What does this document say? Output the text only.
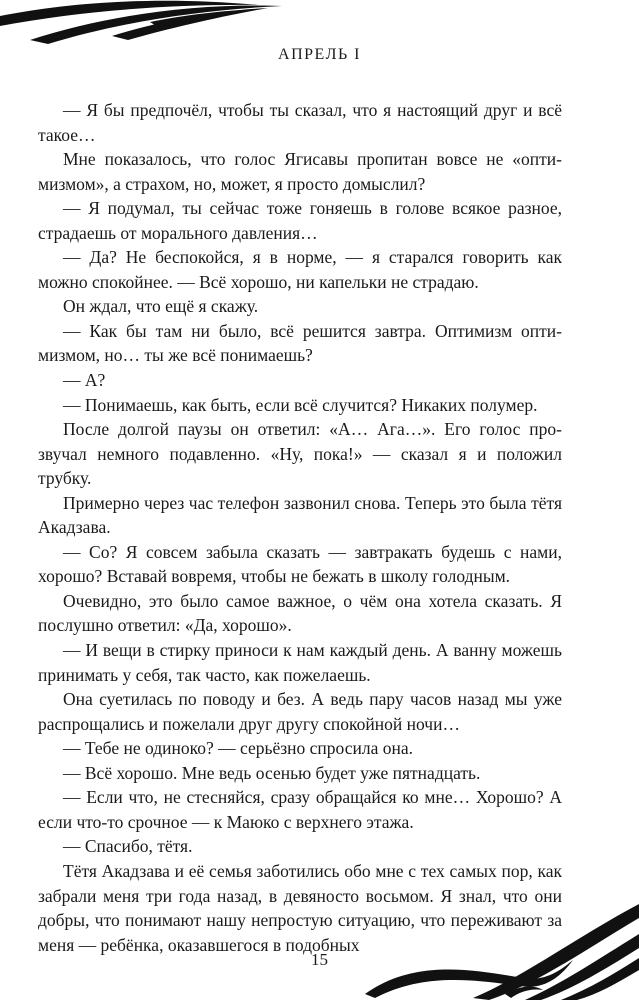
АПРЕЛЬ I

— Я бы предпочёл, чтобы ты сказал, что я настоящий друг и всё такое…

Мне показалось, что голос Ягисавы пропитан вовсе не «оптимизмом», а страхом, но, может, я просто домыслил?

— Я подумал, ты сейчас тоже гоняешь в голове всякое разное, страдаешь от морального давления…

— Да? Не беспокойся, я в норме, — я старался говорить как можно спокойнее. — Всё хорошо, ни капельки не страдаю.

Он ждал, что ещё я скажу.

— Как бы там ни было, всё решится завтра. Оптимизм оптимизмом, но… ты же всё понимаешь?

— А?

— Понимаешь, как быть, если всё случится? Никаких полумер.

После долгой паузы он ответил: «А… Ага…». Его голос прозвучал немного подавленно. «Ну, пока!» — сказал я и положил трубку.

Примерно через час телефон зазвонил снова. Теперь это была тётя Акадзава.

— Со? Я совсем забыла сказать — завтракать будешь с нами, хорошо? Вставай вовремя, чтобы не бежать в школу голодным.

Очевидно, это было самое важное, о чём она хотела сказать. Я послушно ответил: «Да, хорошо».

— И вещи в стирку приноси к нам каждый день. А ванну можешь принимать у себя, так часто, как пожелаешь.

Она суетилась по поводу и без. А ведь пару часов назад мы уже распрощались и пожелали друг другу спокойной ночи…

— Тебе не одиноко? — серьёзно спросила она.

— Всё хорошо. Мне ведь осенью будет уже пятнадцать.

— Если что, не стесняйся, сразу обращайся ко мне… Хорошо? А если что-то срочное — к Маюко с верхнего этажа.

— Спасибо, тётя.

Тётя Акадзава и её семья заботились обо мне с тех самых пор, как забрали меня три года назад, в девяносто восьмом. Я знал, что они добры, что понимают нашу непростую ситуацию, что переживают за меня — ребёнка, оказавшегося в подобных

15
